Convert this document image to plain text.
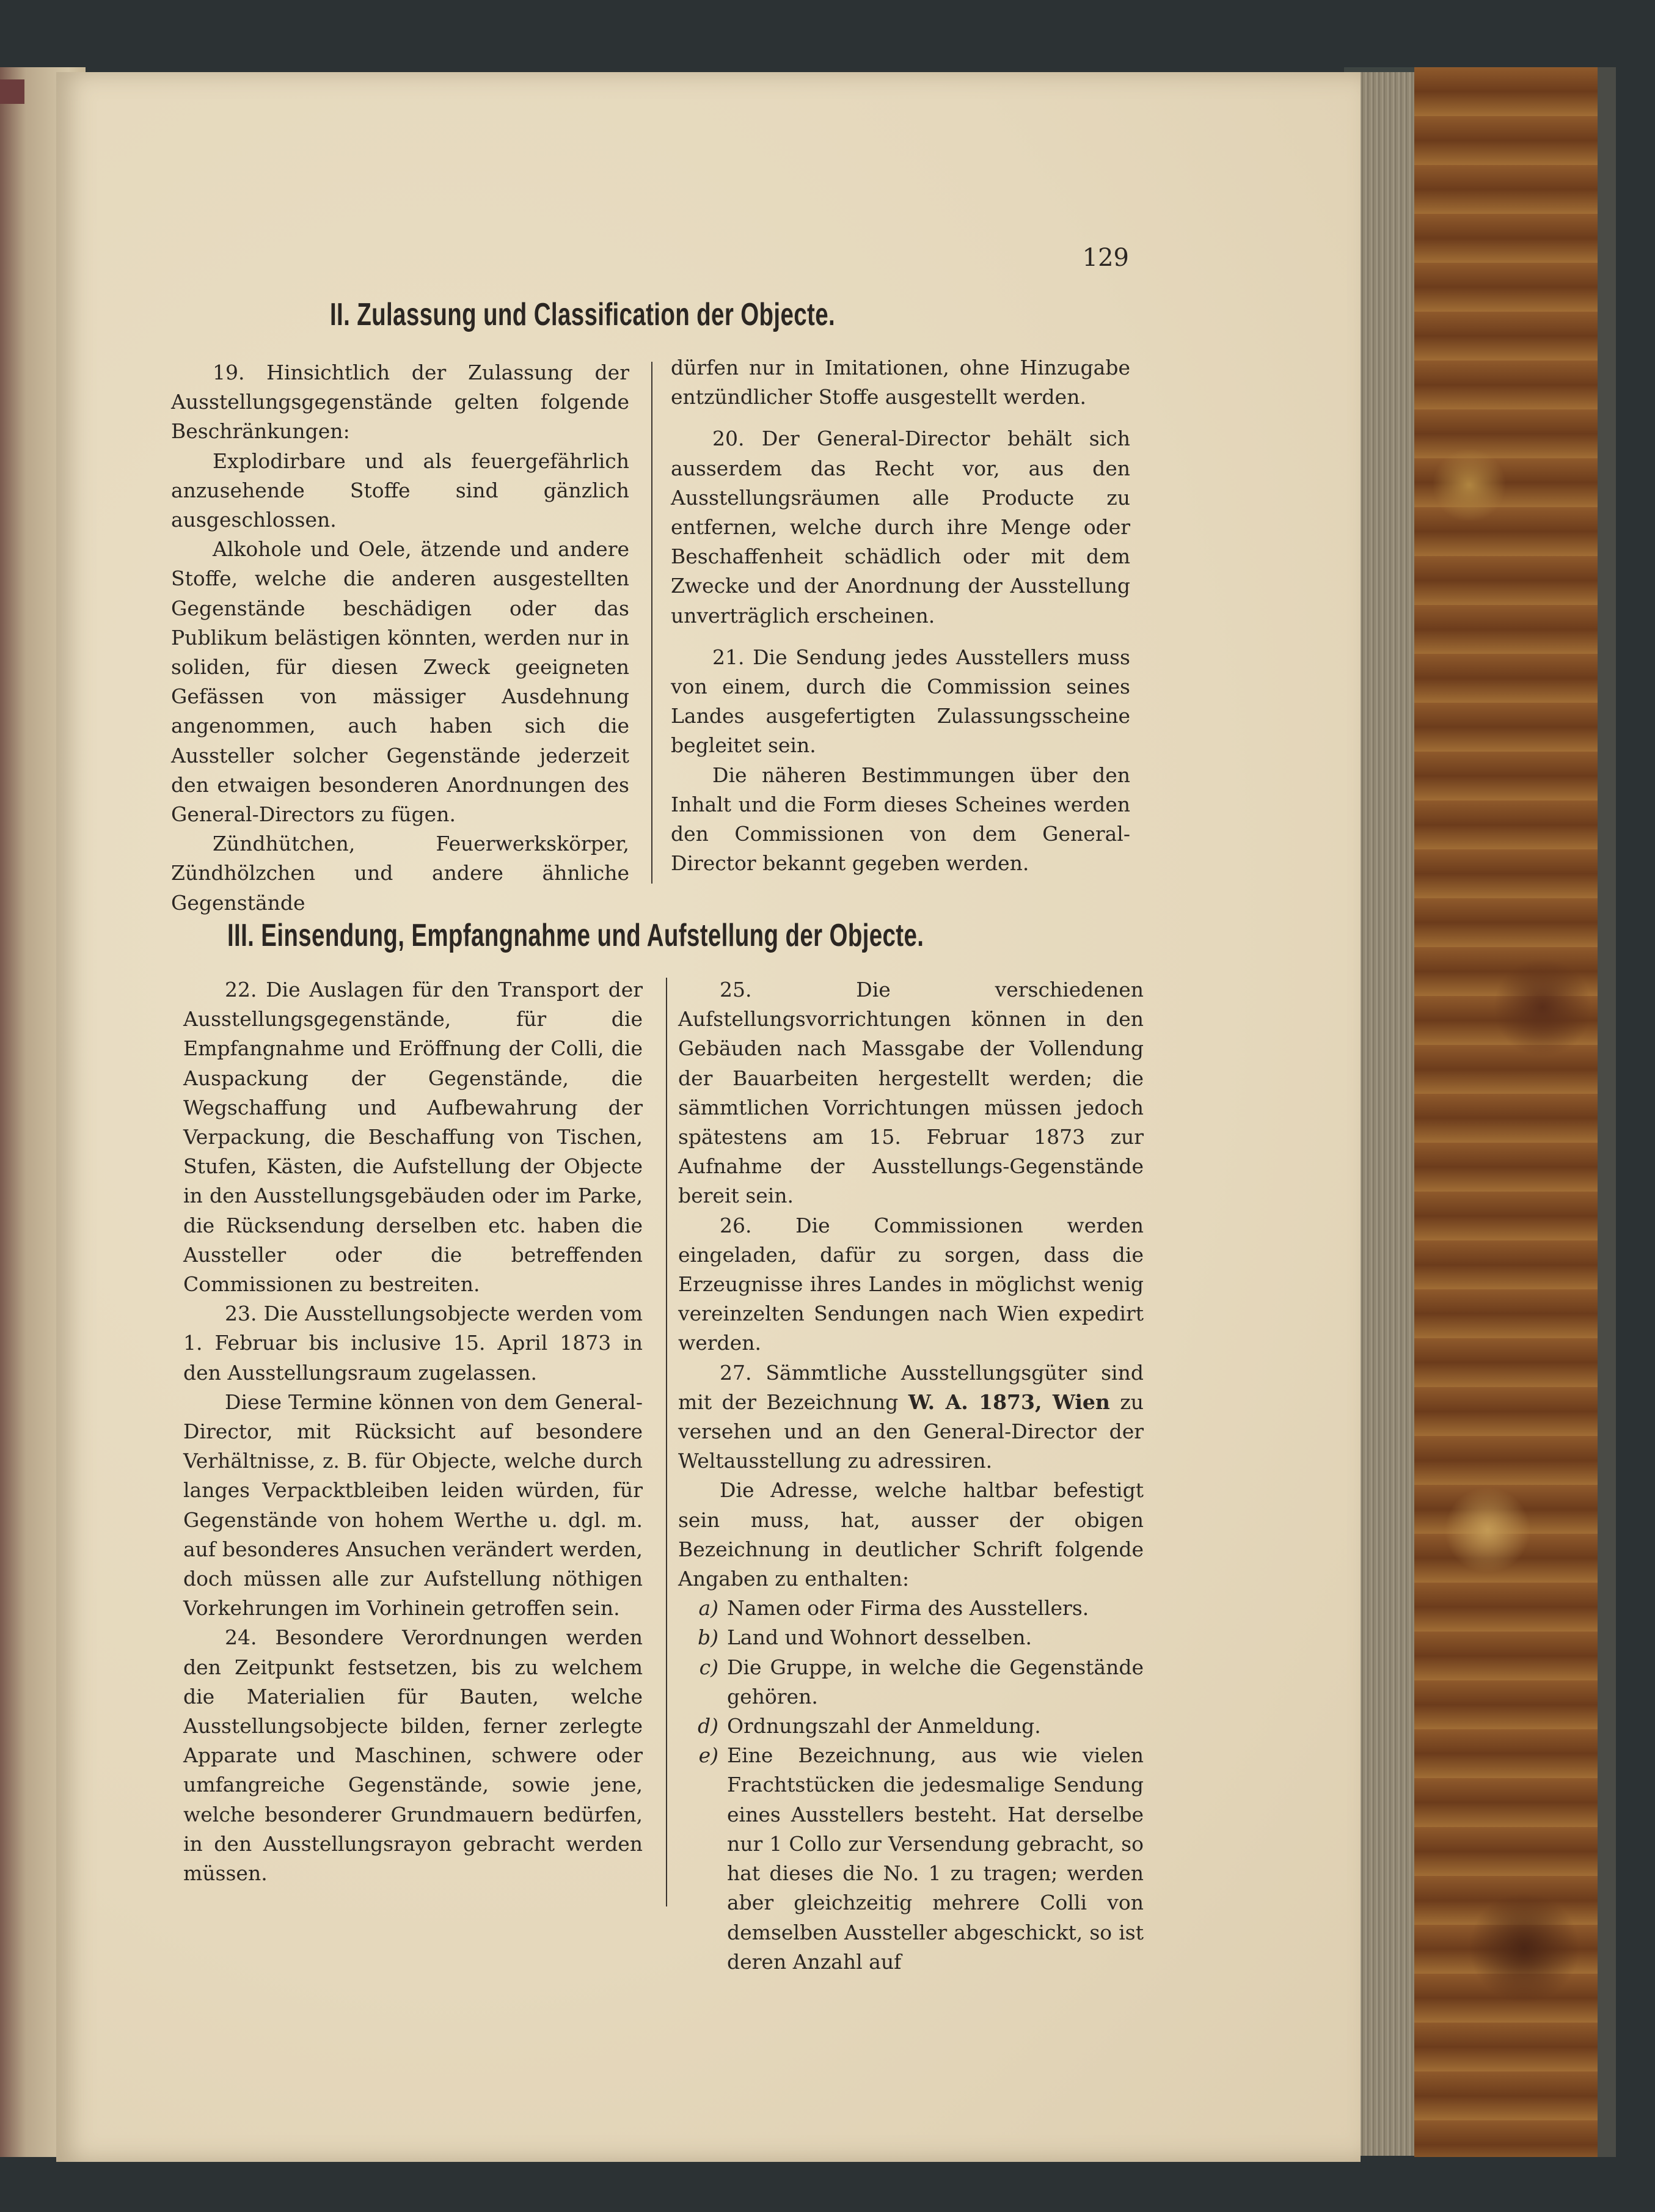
129
II. Zulassung und Classification der Objecte.

19. Hinsichtlich der Zulassung der Ausstellungsgegenstände gelten folgende Beschränkungen:

Explodirbare und als feuergefährlich anzusehende Stoffe sind gänzlich ausgeschlossen.

Alkohole und Oele, ätzende und andere Stoffe, welche die anderen ausgestellten Gegenstände beschädigen oder das Publikum belästigen könnten, werden nur in soliden, für diesen Zweck geeigneten Gefässen von mässiger Ausdehnung angenommen, auch haben sich die Aussteller solcher Gegenstände jederzeit den etwaigen besonderen Anordnungen des General-Directors zu fügen.

Zündhütchen, Feuerwerkskörper, Zündhölzchen und andere ähnliche Gegenstände

dürfen nur in Imitationen, ohne Hinzugabe entzündlicher Stoffe ausgestellt werden.

20. Der General-Director behält sich ausserdem das Recht vor, aus den Ausstellungsräumen alle Producte zu entfernen, welche durch ihre Menge oder Beschaffenheit schädlich oder mit dem Zwecke und der Anordnung der Ausstellung unverträglich erscheinen.

21. Die Sendung jedes Ausstellers muss von einem, durch die Commission seines Landes ausgefertigten Zulassungsscheine begleitet sein.

Die näheren Bestimmungen über den Inhalt und die Form dieses Scheines werden den Commissionen von dem General-Director bekannt gegeben werden.

III. Einsendung, Empfangnahme und Aufstellung der Objecte.

22. Die Auslagen für den Transport der Ausstellungsgegenstände, für die Empfangnahme und Eröffnung der Colli, die Auspackung der Gegenstände, die Wegschaffung und Aufbewahrung der Verpackung, die Beschaffung von Tischen, Stufen, Kästen, die Aufstellung der Objecte in den Ausstellungsgebäuden oder im Parke, die Rücksendung derselben etc. haben die Aussteller oder die betreffenden Commissionen zu bestreiten.

23. Die Ausstellungsobjecte werden vom 1. Februar bis inclusive 15. April 1873 in den Ausstellungsraum zugelassen.

Diese Termine können von dem General-Director, mit Rücksicht auf besondere Verhältnisse, z. B. für Objecte, welche durch langes Verpacktbleiben leiden würden, für Gegenstände von hohem Werthe u. dgl. m. auf besonderes Ansuchen verändert werden, doch müssen alle zur Aufstellung nöthigen Vorkehrungen im Vorhinein getroffen sein.

24. Besondere Verordnungen werden den Zeitpunkt festsetzen, bis zu welchem die Materialien für Bauten, welche Ausstellungsobjecte bilden, ferner zerlegte Apparate und Maschinen, schwere oder umfangreiche Gegenstände, sowie jene, welche besonderer Grundmauern bedürfen, in den Ausstellungsrayon gebracht werden müssen.

25. Die verschiedenen Aufstellungsvorrichtungen können in den Gebäuden nach Massgabe der Vollendung der Bauarbeiten hergestellt werden; die sämmtlichen Vorrichtungen müssen jedoch spätestens am 15. Februar 1873 zur Aufnahme der Ausstellungs-Gegenstände bereit sein.

26. Die Commissionen werden eingeladen, dafür zu sorgen, dass die Erzeugnisse ihres Landes in möglichst wenig vereinzelten Sendungen nach Wien expedirt werden.

27. Sämmtliche Ausstellungsgüter sind mit der Bezeichnung W. A. 1873, Wien zu versehen und an den General-Director der Weltausstellung zu adressiren.

Die Adresse, welche haltbar befestigt sein muss, hat, ausser der obigen Bezeichnung in deutlicher Schrift folgende Angaben zu enthalten:

a) Namen oder Firma des Ausstellers.
b) Land und Wohnort desselben.
c) Die Gruppe, in welche die Gegenstände gehören.
d) Ordnungszahl der Anmeldung.
e) Eine Bezeichnung, aus wie vielen Frachtstücken die jedesmalige Sendung eines Ausstellers besteht. Hat derselbe nur 1 Collo zur Versendung gebracht, so hat dieses die No. 1 zu tragen; werden aber gleichzeitig mehrere Colli von demselben Aussteller abgeschickt, so ist deren Anzahl auf
